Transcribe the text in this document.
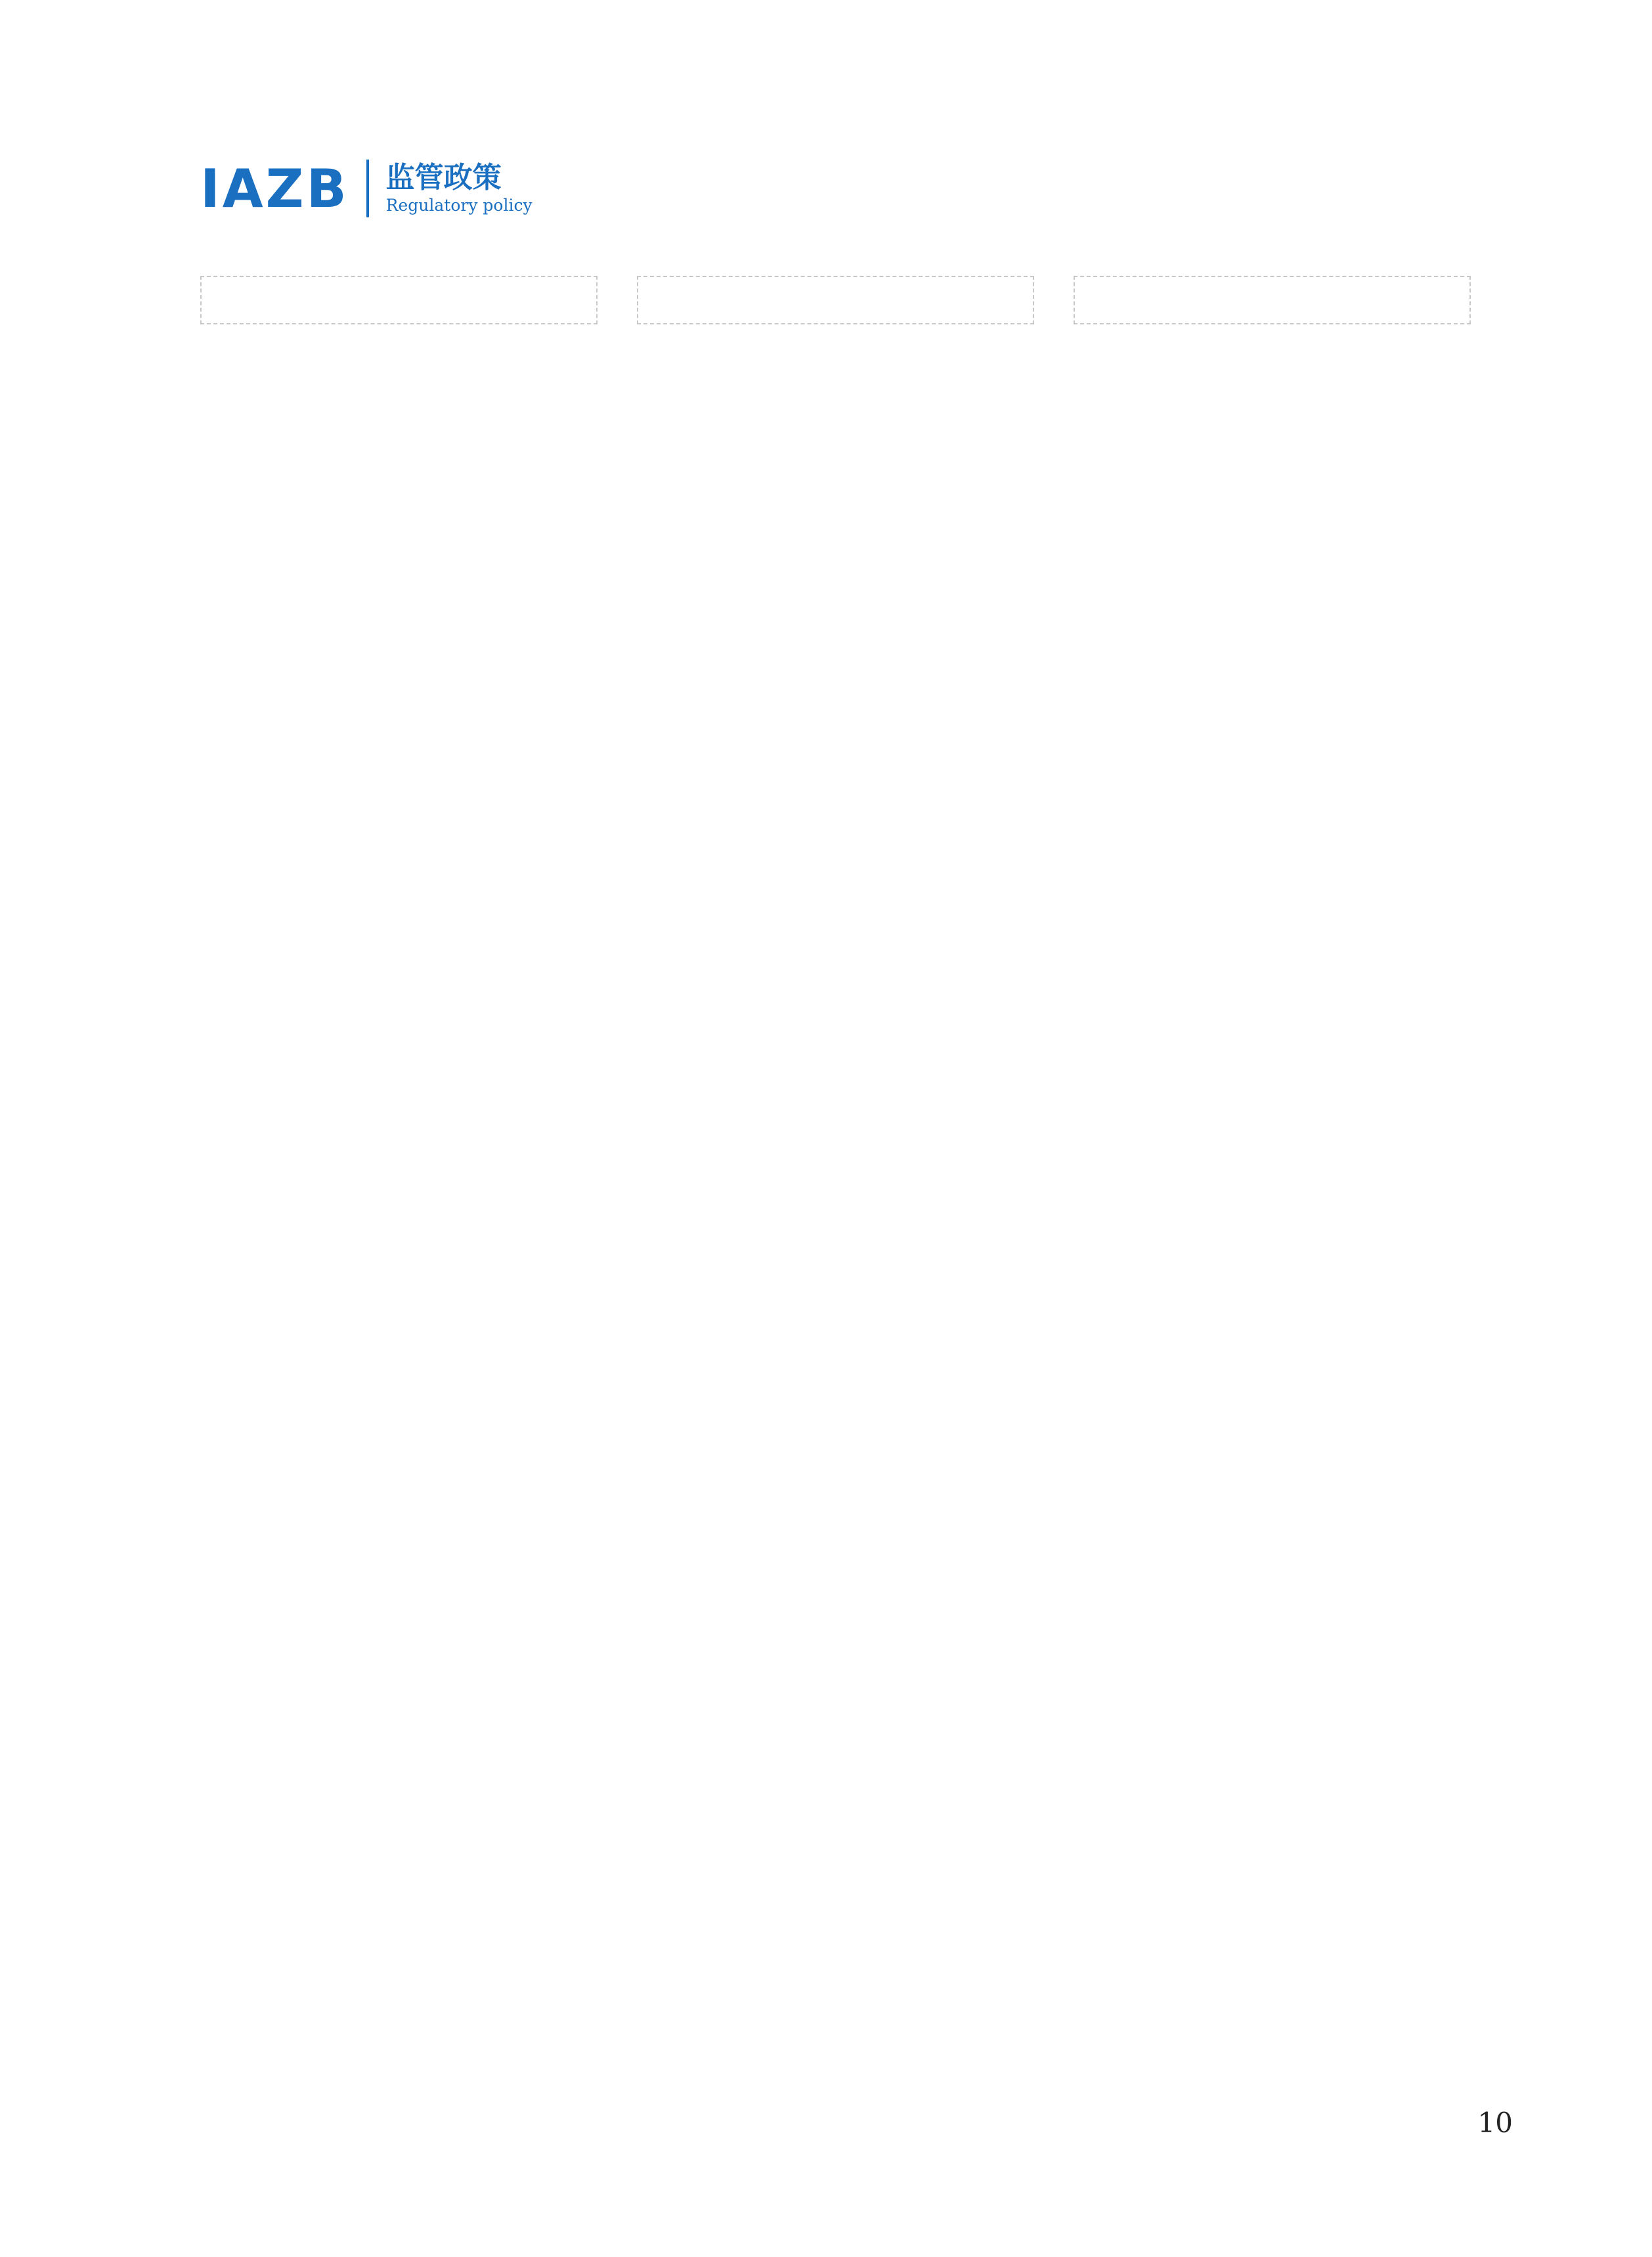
IAZB 监管政策
Regulatory policy
10
